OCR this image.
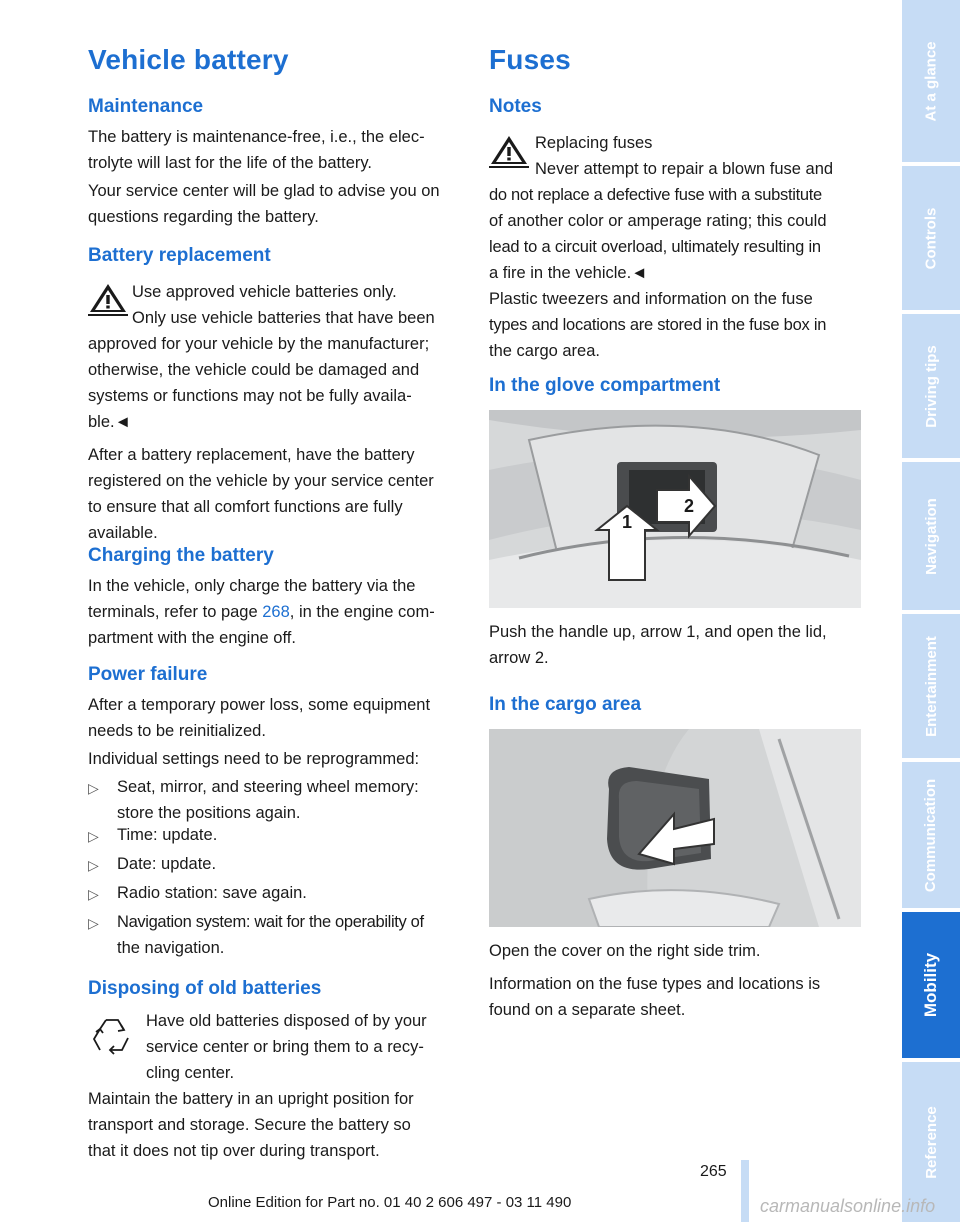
Vehicle battery
Maintenance

The battery is maintenance-free, i.e., the elec-

trolyte will last for the life of the battery.

Your service center will be glad to advise you on

questions regarding the battery.

Battery replacement

Use approved vehicle batteries only.

Only use vehicle batteries that have been

approved for your vehicle by the manufacturer;

otherwise, the vehicle could be damaged and

systems or functions may not be fully availa-

ble.◄

After a battery replacement, have the battery

registered on the vehicle by your service center

to ensure that all comfort functions are fully

available.

Charging the battery

In the vehicle, only charge the battery via the

terminals, refer to page 268, in the engine com-

partment with the engine off.

Power failure

After a temporary power loss, some equipment

needs to be reinitialized.

Individual settings need to be reprogrammed:

▷ Seat, mirror, and steering wheel memory:

store the positions again.

▷ Time: update.

▷ Date: update.

▷ Radio station: save again.

▷ Navigation system: wait for the operability of

the navigation.

Disposing of old batteries

Have old batteries disposed of by your

service center or bring them to a recy-

cling center.

Maintain the battery in an upright position for

transport and storage. Secure the battery so

that it does not tip over during transport.

Fuses
Notes

Replacing fuses

Never attempt to repair a blown fuse and

do not replace a defective fuse with a substitute

of another color or amperage rating; this could

lead to a circuit overload, ultimately resulting in

a fire in the vehicle.◄

Plastic tweezers and information on the fuse

types and locations are stored in the fuse box in

the cargo area.

In the glove compartment
1
2

Push the handle up, arrow 1, and open the lid,

arrow 2.

In the cargo area

Open the cover on the right side trim.

Information on the fuse types and locations is

found on a separate sheet.

At a glance
Controls
Driving tips
Navigation
Entertainment
Communication
Mobility
Reference
265
Online Edition for Part no. 01 40 2 606 497 - 03 11 490	carmanualsonline.info
